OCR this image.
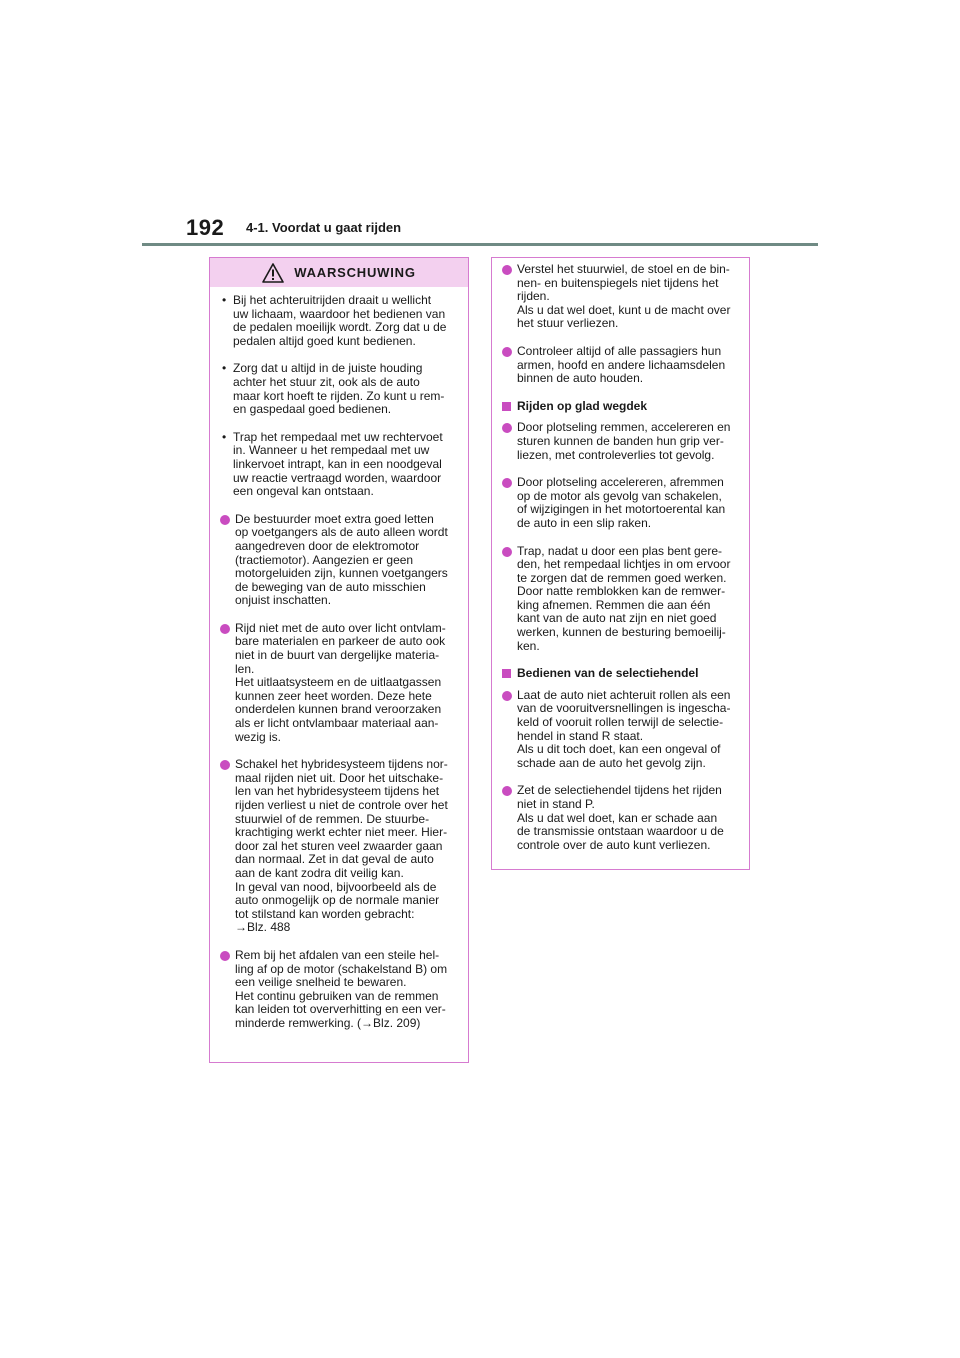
192 4-1. Voordat u gaat rijden
WAARSCHUWING
• Bij het achteruitrijden draait u wellicht
uw lichaam, waardoor het bedienen van
de pedalen moeilijk wordt. Zorg dat u de
pedalen altijd goed kunt bedienen.
• Zorg dat u altijd in de juiste houding
achter het stuur zit, ook als de auto
maar kort hoeft te rijden. Zo kunt u rem-
en gaspedaal goed bedienen.
• Trap het rempedaal met uw rechtervoet
in. Wanneer u het rempedaal met uw
linkervoet intrapt, kan in een noodgeval
uw reactie vertraagd worden, waardoor
een ongeval kan ontstaan.
De bestuurder moet extra goed letten
op voetgangers als de auto alleen wordt
aangedreven door de elektromotor
(tractiemotor). Aangezien er geen
motorgeluiden zijn, kunnen voetgangers
de beweging van de auto misschien
onjuist inschatten.
Rijd niet met de auto over licht ontvlam-
bare materialen en parkeer de auto ook
niet in de buurt van dergelijke materia-
len.
Het uitlaatsysteem en de uitlaatgassen
kunnen zeer heet worden. Deze hete
onderdelen kunnen brand veroorzaken
als er licht ontvlambaar materiaal aan-
wezig is.
Schakel het hybridesysteem tijdens nor-
maal rijden niet uit. Door het uitschake-
len van het hybridesysteem tijdens het
rijden verliest u niet de controle over het
stuurwiel of de remmen. De stuurbe-
krachtiging werkt echter niet meer. Hier-
door zal het sturen veel zwaarder gaan
dan normaal. Zet in dat geval de auto
aan de kant zodra dit veilig kan.
In geval van nood, bijvoorbeeld als de
auto onmogelijk op de normale manier
tot stilstand kan worden gebracht:
→Blz. 488
Rem bij het afdalen van een steile hel-
ling af op de motor (schakelstand B) om
een veilige snelheid te bewaren.
Het continu gebruiken van de remmen
kan leiden tot oververhitting en een ver-
minderde remwerking. (→Blz. 209)
Verstel het stuurwiel, de stoel en de bin-
nen- en buitenspiegels niet tijdens het
rijden.
Als u dat wel doet, kunt u de macht over
het stuur verliezen.
Controleer altijd of alle passagiers hun
armen, hoofd en andere lichaamsdelen
binnen de auto houden.
Rijden op glad wegdek
Door plotseling remmen, accelereren en
sturen kunnen de banden hun grip ver-
liezen, met controleverlies tot gevolg.
Door plotseling accelereren, afremmen
op de motor als gevolg van schakelen,
of wijzigingen in het motortoerental kan
de auto in een slip raken.
Trap, nadat u door een plas bent gere-
den, het rempedaal lichtjes in om ervoor
te zorgen dat de remmen goed werken.
Door natte remblokken kan de remwer-
king afnemen. Remmen die aan één
kant van de auto nat zijn en niet goed
werken, kunnen de besturing bemoeilij-
ken.
Bedienen van de selectiehendel
Laat de auto niet achteruit rollen als een
van de vooruitversnellingen is ingescha-
keld of vooruit rollen terwijl de selectie-
hendel in stand R staat.
Als u dit toch doet, kan een ongeval of
schade aan de auto het gevolg zijn.
Zet de selectiehendel tijdens het rijden
niet in stand P.
Als u dat wel doet, kan er schade aan
de transmissie ontstaan waardoor u de
controle over de auto kunt verliezen.
